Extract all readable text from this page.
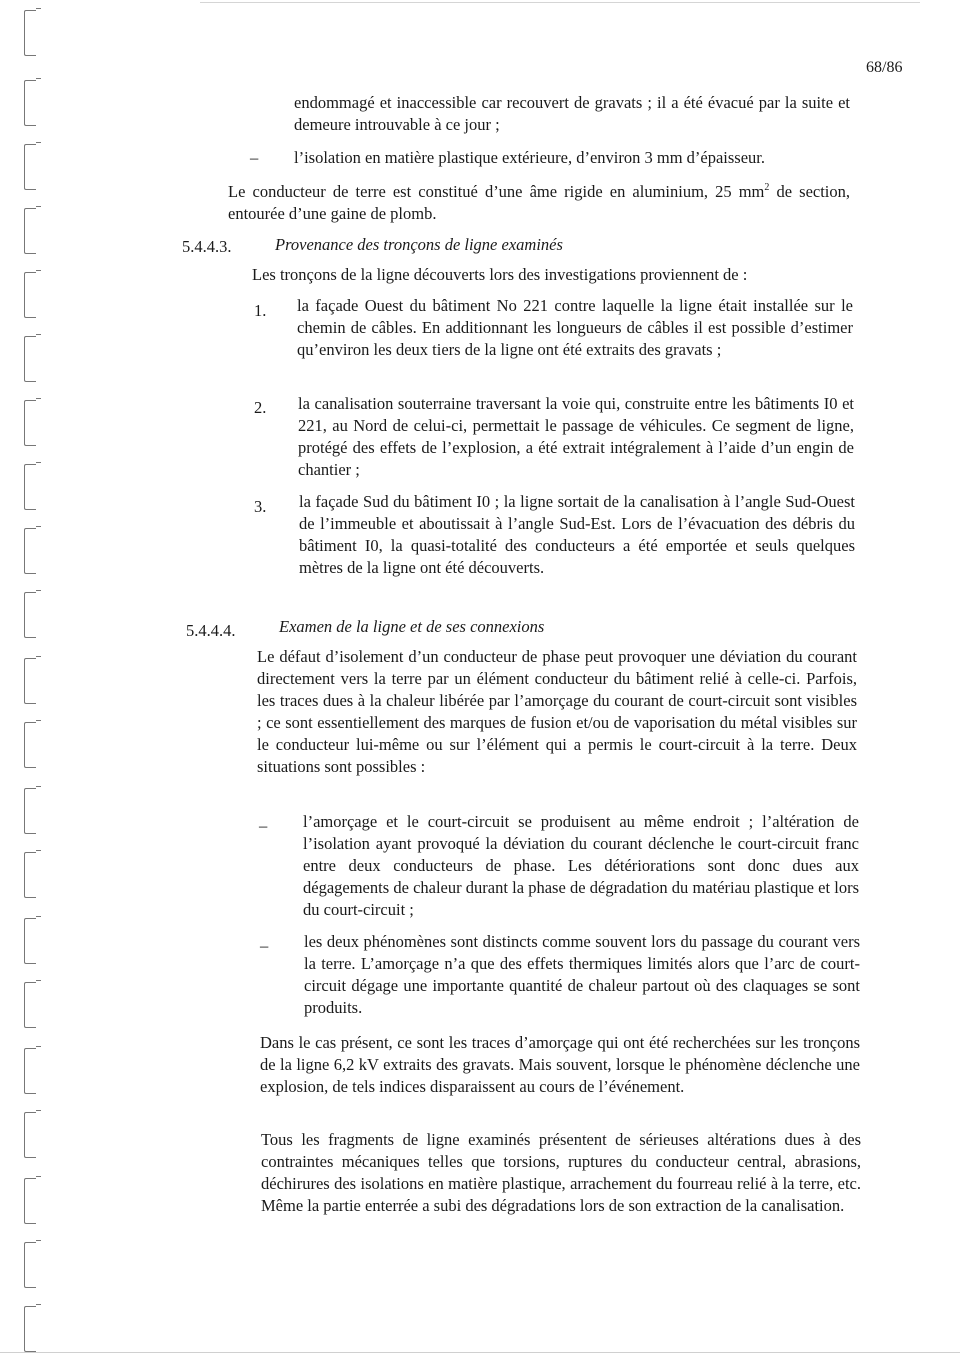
68/86
endommagé et inaccessible car recouvert de gravats ; il a été évacué par la suite et demeure introuvable à ce jour ;
– l’isolation en matière plastique extérieure, d’environ 3 mm d’épaisseur.
Le conducteur de terre est constitué d’une âme rigide en aluminium, 25 $mm^2$ de section, entourée d’une gaine de plomb.
5.4.4.3.	Provenance des tronçons de ligne examinés
Les tronçons de la ligne découverts lors des investigations proviennent de :
1. la façade Ouest du bâtiment No 221 contre laquelle la ligne était installée sur le chemin de câbles. En additionnant les longueurs de câbles il est possible d’estimer qu’environ les deux tiers de la ligne ont été extraits des gravats ;
2. la canalisation souterraine traversant la voie qui, construite entre les bâtiments I0 et 221, au Nord de celui-ci, permettait le passage de véhicules. Ce segment de ligne, protégé des effets de l’explosion, a été extrait intégralement à l’aide d’un engin de chantier ;
3. la façade Sud du bâtiment I0 ; la ligne sortait de la canalisation à l’angle Sud-Ouest de l’immeuble et aboutissait à l’angle Sud-Est. Lors de l’évacuation des débris du bâtiment I0, la quasi-totalité des conducteurs a été emportée et seuls quelques mètres de la ligne ont été découverts.
5.4.4.4.	Examen de la ligne et de ses connexions
Le défaut d’isolement d’un conducteur de phase peut provoquer une déviation du courant directement vers la terre par un élément conducteur du bâtiment relié à celle-ci. Parfois, les traces dues à la chaleur libérée par l’amorçage du courant de court-circuit sont visibles ; ce sont essentiellement des marques de fusion et/ou de vaporisation du métal visibles sur le conducteur lui-même ou sur l’élément qui a permis le court-circuit à la terre. Deux situations sont possibles :
– l’amorçage et le court-circuit se produisent au même endroit ; l’altération de l’isolation ayant provoqué la déviation du courant déclenche le court-circuit franc entre deux conducteurs de phase. Les détériorations sont donc dues aux dégagements de chaleur durant la phase de dégradation du matériau plastique et lors du court-circuit ;
– les deux phénomènes sont distincts comme souvent lors du passage du courant vers la terre. L’amorçage n’a que des effets thermiques limités alors que l’arc de court-circuit dégage une importante quantité de chaleur partout où des claquages se sont produits.
Dans le cas présent, ce sont les traces d’amorçage qui ont été recherchées sur les tronçons de la ligne 6,2 kV extraits des gravats. Mais souvent, lorsque le phénomène déclenche une explosion, de tels indices disparaissent au cours de l’événement.
Tous les fragments de ligne examinés présentent de sérieuses altérations dues à des contraintes mécaniques telles que torsions, ruptures du conducteur central, abrasions, déchirures des isolations en matière plastique, arrachement du fourreau relié à la terre, etc. Même la partie enterrée a subi des dégradations lors de son extraction de la canalisation.
